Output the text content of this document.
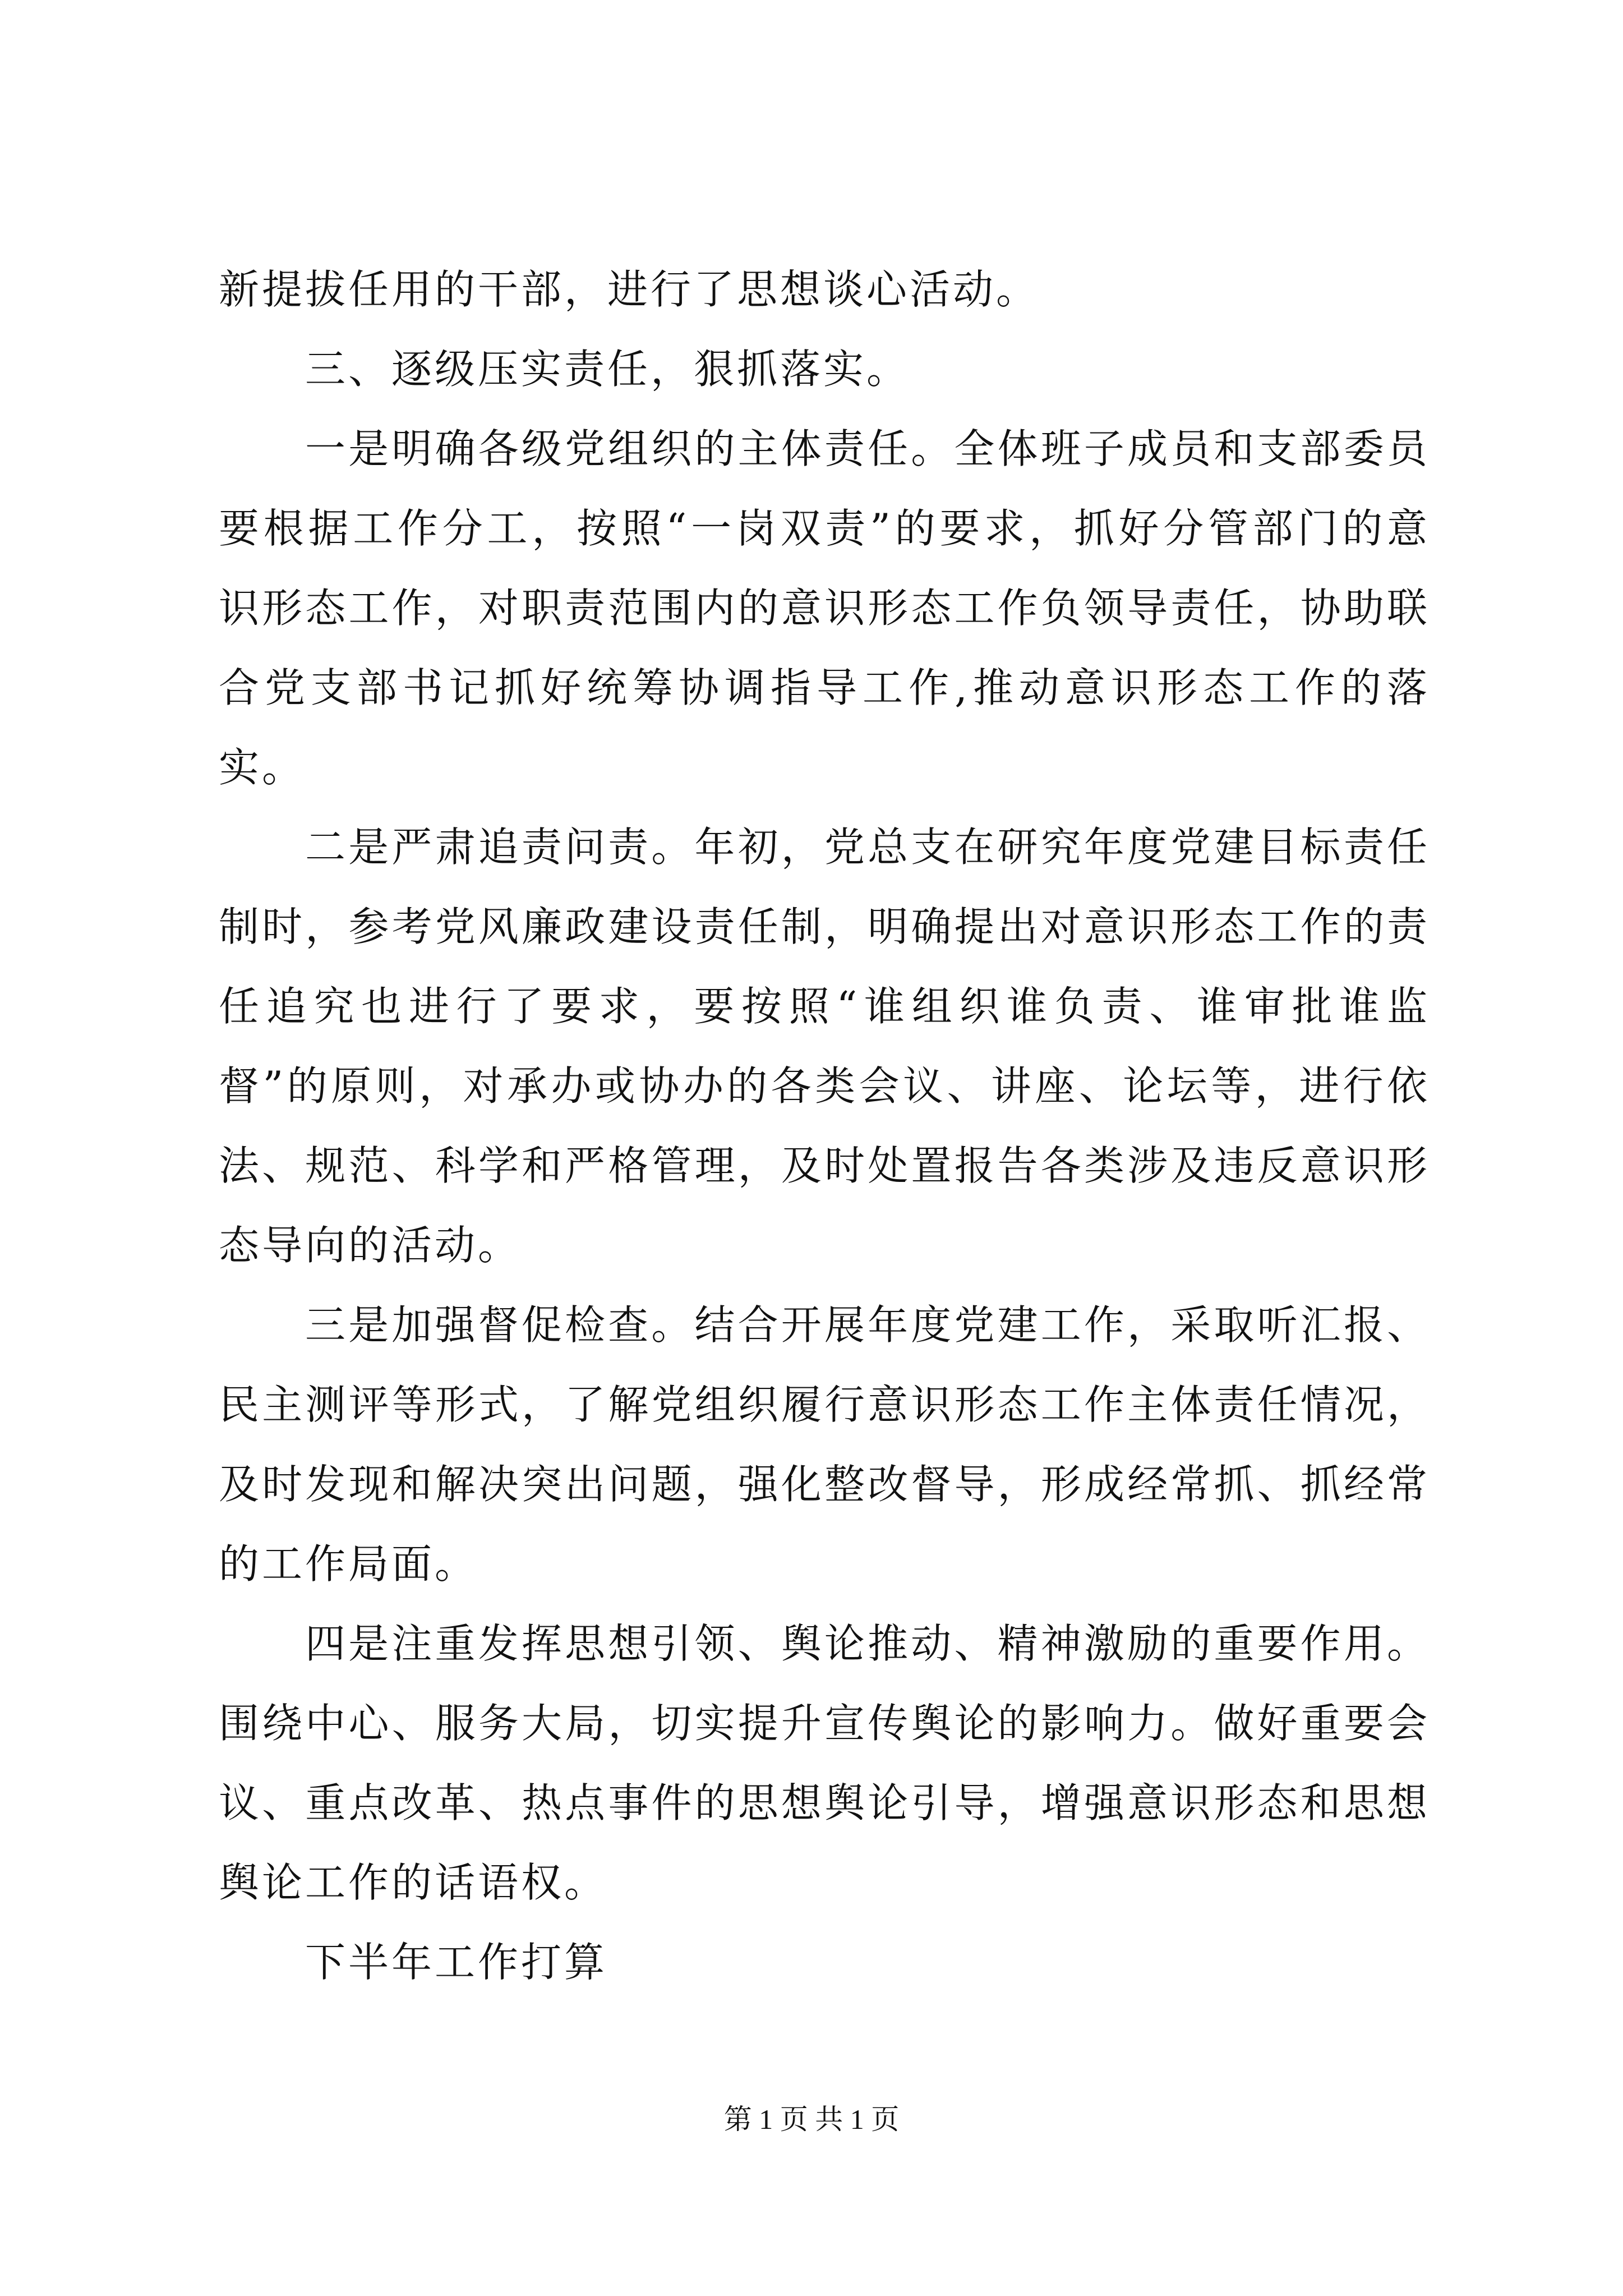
新提拔任用的干部，进行了思想谈心活动。

三、逐级压实责任，狠抓落实。

一是明确各级党组织的主体责任。全体班子成员和支部委员要根据工作分工，按照“一岗双责”的要求，抓好分管部门的意识形态工作，对职责范围内的意识形态工作负领导责任，协助联合党支部书记抓好统筹协调指导工作,推动意识形态工作的落实。

二是严肃追责问责。年初，党总支在研究年度党建目标责任制时，参考党风廉政建设责任制，明确提出对意识形态工作的责任追究也进行了要求，要按照“谁组织谁负责、谁审批谁监督”的原则，对承办或协办的各类会议、讲座、论坛等，进行依法、规范、科学和严格管理，及时处置报告各类涉及违反意识形态导向的活动。

三是加强督促检查。结合开展年度党建工作，采取听汇报、民主测评等形式，了解党组织履行意识形态工作主体责任情况，及时发现和解决突出问题，强化整改督导，形成经常抓、抓经常的工作局面。

四是注重发挥思想引领、舆论推动、精神激励的重要作用。围绕中心、服务大局，切实提升宣传舆论的影响力。做好重要会议、重点改革、热点事件的思想舆论引导，增强意识形态和思想舆论工作的话语权。

下半年工作打算

第 1 页 共 1 页
